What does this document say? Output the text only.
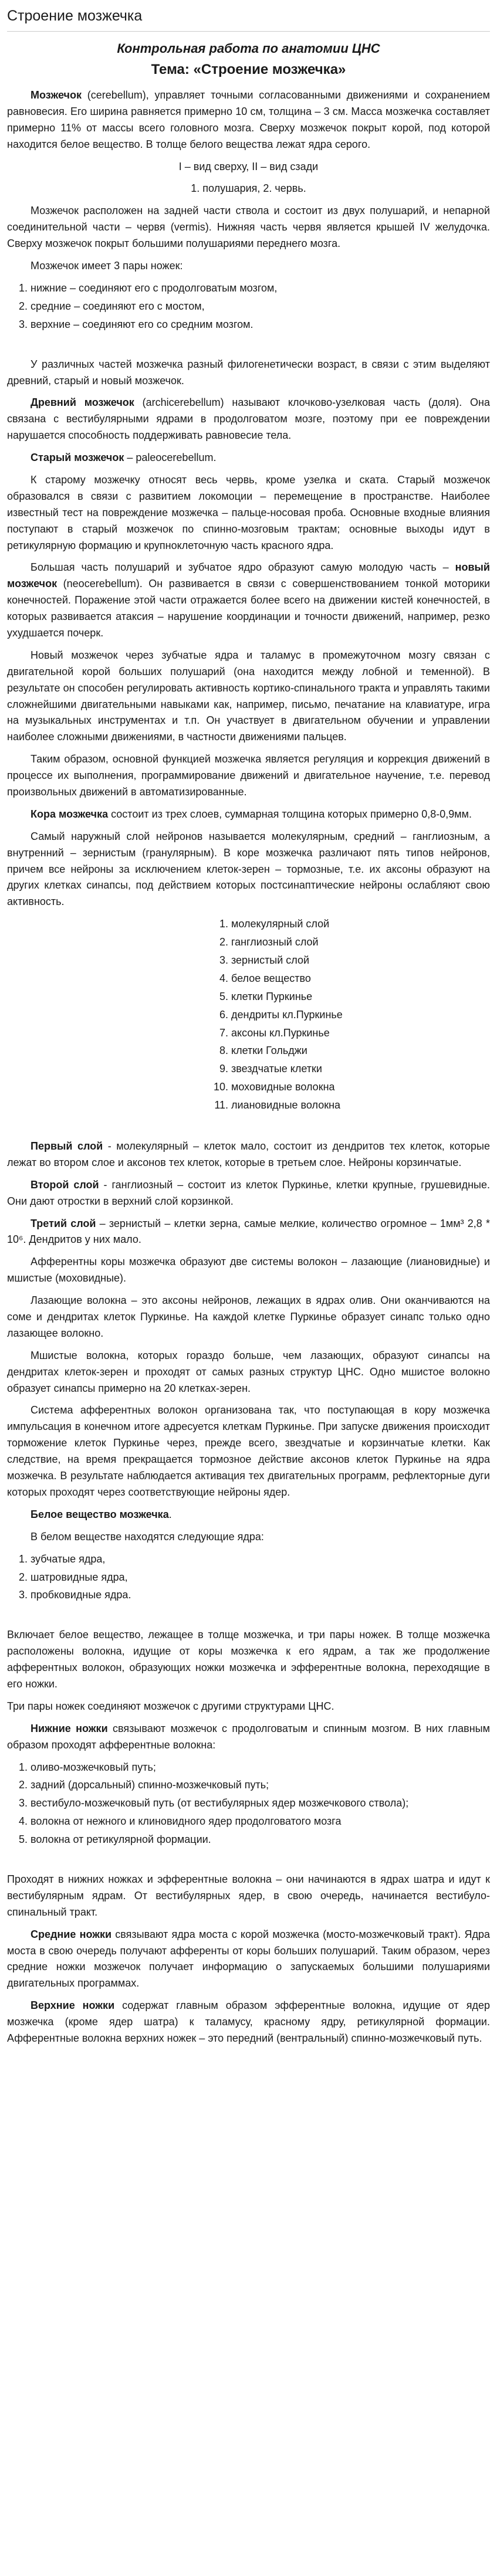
Строение мозжечка

Контрольная работа по анатомии ЦНС

Тема: «Строение мозжечка»

Мозжечок (cerebellum), управляет точными согласованными движениями и сохранением равновесия. Его ширина равняется примерно 10 см, толщина – 3 см. Масса мозжечка составляет примерно 11% от массы всего головного мозга. Сверху мозжечок покрыт корой, под которой находится белое вещество. В толще белого вещества лежат ядра серого.

I – вид сверху, II – вид сзади

1. полушария, 2. червь.

Мозжечок расположен на задней части ствола и состоит из двух полушарий, и непарной соединительной части – червя (vermis). Нижняя часть червя является крышей IV желудочка. Сверху мозжечок покрыт большими полушариями переднего мозга.

Мозжечок имеет 3 пары ножек:

1. нижние – соединяют его с продолговатым мозгом,
2. средние – соединяют его с мостом,
3. верхние – соединяют его со средним мозгом.

У различных частей мозжечка разный филогенетически возраст, в связи с этим выделяют древний, старый и новый мозжечок.

Древний мозжечок (archicerebellum) называют клочково-узелковая часть (доля). Она связана с вестибулярными ядрами в продолговатом мозге, поэтому при ее повреждении нарушается способность поддерживать равновесие тела.

Старый мозжечок – paleocerebellum.

К старому мозжечку относят весь червь, кроме узелка и ската. Старый мозжечок образовался в связи с развитием локомоции – перемещение в пространстве. Наиболее известный тест на повреждение мозжечка – пальце-носовая проба. Основные входные влияния поступают в старый мозжечок по спинно-мозговым трактам; основные выходы идут в ретикулярную формацию и крупноклеточную часть красного ядра.

Большая часть полушарий и зубчатое ядро образуют самую молодую часть – новый мозжечок (neocerebellum). Он развивается в связи с совершенствованием тонкой моторики конечностей. Поражение этой части отражается более всего на движении кистей конечностей, в которых развивается атаксия – нарушение координации и точности движений, например, резко ухудшается почерк.

Новый мозжечок через зубчатые ядра и таламус в промежуточном мозгу связан с двигательной корой больших полушарий (она находится между лобной и теменной). В результате он способен регулировать активность кортико-спинального тракта и управлять такими сложнейшими двигательными навыками как, например, письмо, печатание на клавиатуре, игра на музыкальных инструментах и т.п. Он участвует в двигательном обучении и управлении наиболее сложными движениями, в частности движениями пальцев.

Таким образом, основной функцией мозжечка является регуляция и коррекция движений в процессе их выполнения, программирование движений и двигательное научение, т.е. перевод произвольных движений в автоматизированные.

Кора мозжечка состоит из трех слоев, суммарная толщина которых примерно 0,8-0,9мм.

Самый наружный слой нейронов называется молекулярным, средний – ганглиозным, а внутренний – зернистым (гранулярным). В коре мозжечка различают пять типов нейронов, причем все нейроны за исключением клеток-зерен – тормозные, т.е. их аксоны образуют на других клетках синапсы, под действием которых постсинаптические нейроны ослабляют свою активность.

1. молекулярный слой
2. ганглиозный слой
3. зернистый слой
4. белое вещество
5. клетки Пуркинье
6. дендриты кл.Пуркинье
7. аксоны кл.Пуркинье
8. клетки Гольджи
9. звездчатые клетки
10. моховидные волокна
11. лиановидные волокна

Первый слой - молекулярный – клеток мало, состоит из дендритов тех клеток, которые лежат во втором слое и аксонов тех клеток, которые в третьем слое. Нейроны корзинчатые.

Второй слой - ганглиозный – состоит из клеток Пуркинье, клетки крупные, грушевидные. Они дают отростки в верхний слой корзинкой.

Третий слой – зернистый – клетки зерна, самые мелкие, количество огромное – 1мм³ 2,8 * 10⁶. Дендритов у них мало.

Афферентны коры мозжечка образуют две системы волокон – лазающие (лиановидные) и мшистые (моховидные).

Лазающие волокна – это аксоны нейронов, лежащих в ядрах олив. Они оканчиваются на соме и дендритах клеток Пуркинье. На каждой клетке Пуркинье образует синапс только одно лазающее волокно.

Мшистые волокна, которых гораздо больше, чем лазающих, образуют синапсы на дендритах клеток-зерен и проходят от самых разных структур ЦНС. Одно мшистое волокно образует синапсы примерно на 20 клетках-зерен.

Система афферентных волокон организована так, что поступающая в кору мозжечка импульсация в конечном итоге адресуется клеткам Пуркинье. При запуске движения происходит торможение клеток Пуркинье через, прежде всего, звездчатые и корзинчатые клетки. Как следствие, на время прекращается тормозное действие аксонов клеток Пуркинье на ядра мозжечка. В результате наблюдается активация тех двигательных программ, рефлекторные дуги которых проходят через соответствующие нейроны ядер.

Белое вещество мозжечка.

В белом веществе находятся следующие ядра:

1. зубчатые ядра,
2. шатровидные ядра,
3. пробковидные ядра.

Включает белое вещество, лежащее в толще мозжечка, и три пары ножек. В толще мозжечка расположены волокна, идущие от коры мозжечка к его ядрам, а так же продолжение афферентных волокон, образующих ножки мозжечка и эфферентные волокна, переходящие в его ножки.

Три пары ножек соединяют мозжечок с другими структурами ЦНС.

Нижние ножки связывают мозжечок с продолговатым и спинным мозгом. В них главным образом проходят афферентные волокна:

1. оливо-мозжечковый путь;
2. задний (дорсальный) спинно-мозжечковый путь;
3. вестибуло-мозжечковый путь (от вестибулярных ядер мозжечкового ствола);
4. волокна от нежного и клиновидного ядер продолговатого мозга
5. волокна от ретикулярной формации.

Проходят в нижних ножках и эфферентные волокна – они начинаются в ядрах шатра и идут к вестибулярным ядрам. От вестибулярных ядер, в свою очередь, начинается вестибуло-спинальный тракт.

Средние ножки связывают ядра моста с корой мозжечка (мосто-мозжечковый тракт). Ядра моста в свою очередь получают афференты от коры больших полушарий. Таким образом, через средние ножки мозжечок получает информацию о запускаемых большими полушариями двигательных программах.

Верхние ножки содержат главным образом эфферентные волокна, идущие от ядер мозжечка (кроме ядер шатра) к таламусу, красному ядру, ретикулярной формации. Афферентные волокна верхних ножек – это передний (вентральный) спинно-мозжечковый путь.
